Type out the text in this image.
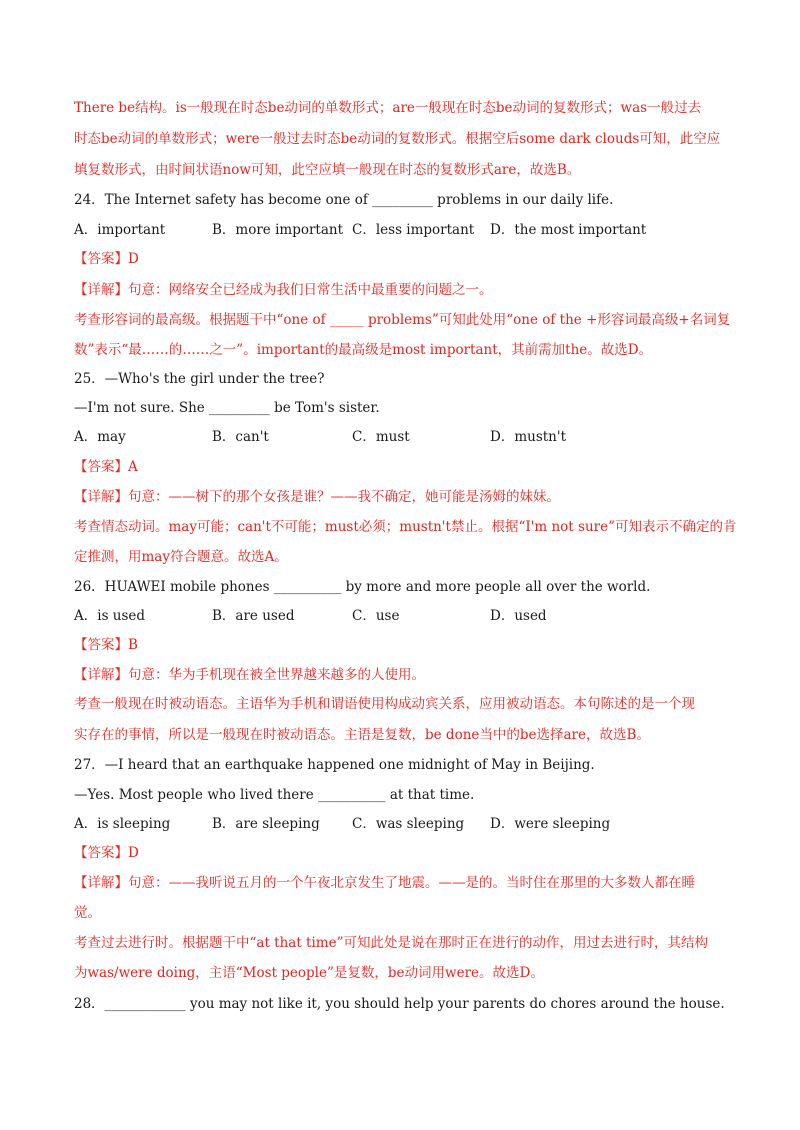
There be结构。is一般现在时态be动词的单数形式；are一般现在时态be动词的复数形式；was一般过去
时态be动词的单数形式；were一般过去时态be动词的复数形式。根据空后some dark clouds可知，此空应
填复数形式，由时间状语now可知，此空应填一般现在时态的复数形式are，故选B。
24．The Internet safety has become one of _________ problems in our daily life.
A．important	B．more important C．less important D．the most important
【答案】D
【详解】句意：网络安全已经成为我们日常生活中最重要的问题之一。
考查形容词的最高级。根据题干中“one of _____ problems”可知此处用“one of the +形容词最高级+名词复
数”表示“最……的……之一”。important的最高级是most important，其前需加the。故选D。
25．—Who's the girl under the tree?
—I'm not sure. She _________ be Tom's sister.
A．may	B．can't	C．must	D．mustn't
【答案】A
【详解】句意：——树下的那个女孩是谁？——我不确定，她可能是汤姆的妹妹。
考查情态动词。may可能；can't不可能；must必须；mustn't禁止。根据“I'm not sure”可知表示不确定的肯
定推测，用may符合题意。故选A。
26．HUAWEI mobile phones __________ by more and more people all over the world.
A．is used	B．are used	C．use	D．used
【答案】B
【详解】句意：华为手机现在被全世界越来越多的人使用。
考查一般现在时被动语态。主语华为手机和谓语使用构成动宾关系，应用被动语态。本句陈述的是一个现
实存在的事情，所以是一般现在时被动语态。主语是复数，be done当中的be选择are，故选B。
27．—I heard that an earthquake happened one midnight of May in Beijing.
—Yes. Most people who lived there __________ at that time.
A．is sleeping	B．are sleeping C．was sleeping D．were sleeping
【答案】D
【详解】句意：——我听说五月的一个午夜北京发生了地震。——是的。当时住在那里的大多数人都在睡
觉。
考查过去进行时。根据题干中“at that time”可知此处是说在那时正在进行的动作，用过去进行时，其结构
为was/were doing，主语“Most people”是复数，be动词用were。故选D。
28．____________ you may not like it, you should help your parents do chores around the house.
